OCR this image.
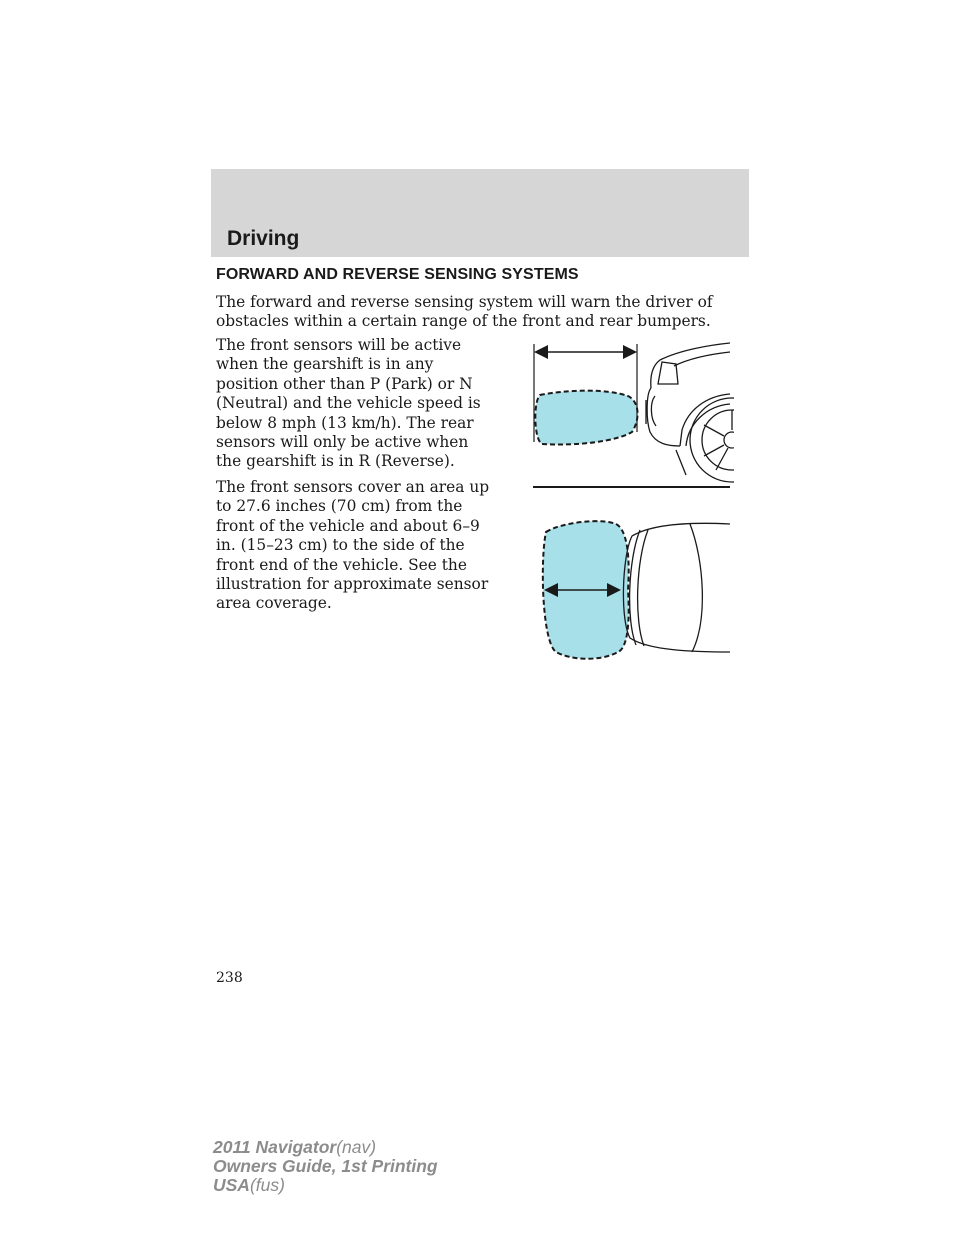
Driving
FORWARD AND REVERSE SENSING SYSTEMS

The forward and reverse sensing system will warn the driver of obstacles within a certain range of the front and rear bumpers.

The front sensors will be active when the gearshift is in any position other than P (Park) or N (Neutral) and the vehicle speed is below 8 mph (13 km/h). The rear sensors will only be active when the gearshift is in R (Reverse).

The front sensors cover an area up to 27.6 inches (70 cm) from the front of the vehicle and about 6–9 in. (15–23 cm) to the side of the front end of the vehicle. See the illustration for approximate sensor area coverage.

238

2011 Navigator(nav)
Owners Guide, 1st Printing
USA(fus)
